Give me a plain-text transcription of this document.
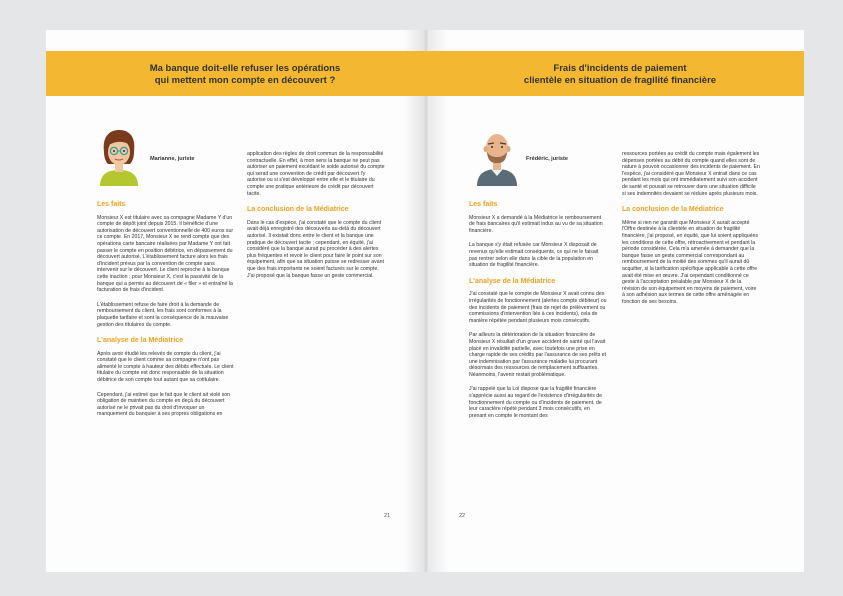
Ma banque doit-elle refuser les opérations
qui mettent mon compte en découvert ?
Frais d'incidents de paiement
clientèle en situation de fragilité financière
Marianne, juriste	Frédéric, juriste
Les faits

Monsieur X est titulaire avec sa compagne Madame Y d'un compte de dépôt joint depuis 2015. Il bénéficie d'une autorisation de découvert conventionnelle de 400 euros sur ce compte. En 2017, Monsieur X se rend compte que des opérations carte bancaire réalisées par Madame Y ont fait passer le compte en position débitrice, en dépassement du découvert autorisé. L'établissement facture alors les frais d'incident prévus par la convention de compte sans intervenir sur le découvert. Le client reproche à la banque cette inaction : pour Monsieur X, c'est la passivité de la banque qui a permis au découvert de « filer » et entraîné la facturation de frais d'incident.

L'établissement refuse de faire droit à la demande de remboursement du client, les frais sont conformes à la plaquette tarifaire et sont la conséquence de la mauvaise gestion des titulaires du compte.

L'analyse de la Médiatrice

Après avoir étudié les relevés de compte du client, j'ai constaté que le client comme sa compagne n'ont pas alimenté le compte à hauteur des débits effectués. Le client titulaire du compte est donc responsable de la situation débitrice de son compte tout autant que sa cotitulaire.

Cependant, j'ai estimé que le fait que le client ait violé son obligation de maintien du compte en deçà du découvert autorisé ne le privait pas du droit d'invoquer un manquement du banquier à ses propres obligations en

application des règles de droit commun de la responsabilité contractuelle. En effet, à mon sens la banque ne peut pas autoriser un paiement excédant le solde autorisé du compte qui serait une convention de crédit par découvert l'y autorise ou si s'est développé entre elle et le titulaire du compte une pratique antérieure de crédit par découvert tacite.

La conclusion de la Médiatrice

Dans le cas d'espèce, j'ai constaté que le compte du client avait déjà enregistré des découverts au-delà du découvert autorisé. Il existait donc entre le client et la banque une pratique de découvert tacite ; cependant, en équité, j'ai considéré que la banque aurait pu procéder à des alertes plus fréquentes et revoir le client pour faire le point sur son équipement, afin que sa situation puisse se redresser avant que des frais importants ne soient facturés sur le compte. J'ai proposé que la banque fasse un geste commercial.

21
Les faits

Monsieur X a demandé à la Médiatrice le remboursement de frais bancaires qu'il estimait indus au vu de sa situation financière.

La banque s'y était refusée car Monsieur X disposait de revenus qu'elle estimait conséquents, ce qui ne le faisait pas rentrer selon elle dans la cible de la population en situation de fragilité financière.

L'analyse de la Médiatrice

J'ai constaté que le compte de Monsieur X avait connu des irrégularités de fonctionnement (alertes compte débiteur) ou des incidents de paiement (frais de rejet de prélèvement ou commissions d'intervention liés à ces incidents), cela de manière répétée pendant plusieurs mois consécutifs.

Par ailleurs la détérioration de la situation financière de Monsieur X résultait d'un grave accident de santé qui l'avait placé en invalidité partielle, avec toutefois une prise en charge rapide de ses crédits par l'assurance de ses prêts et une indemnisation par l'assurance maladie lui procurant désormais des ressources de remplacement suffisantes. Néanmoins, l'avenir restait problématique.

J'ai rappelé que la Loi dispose que la fragilité financière s'apprécie aussi au regard de l'existence d'irrégularités de fonctionnement du compte ou d'incidents de paiement, de leur caractère répété pendant 3 mois consécutifs, en prenant en compte le montant des

ressources portées au crédit du compte mais également les dépenses portées au débit du compte quand elles sont de nature à pouvoir occasionner des incidents de paiement. En l'espèce, j'ai considéré que Monsieur X entrait dans ce cas pendant les mois qui ont immédiatement suivi son accident de santé et pouvait se retrouver dans une situation difficile si ses indemnités devaient se réduire après plusieurs mois.

La conclusion de la Médiatrice

Même si rien ne garantit que Monsieur X aurait accepté l'Offre destinée à la clientèle en situation de fragilité financière, j'ai proposé, en équité, que lui soient appliquées les conditions de cette offre, rétroactivement et pendant la période considérée. Cela m'a amenée à demander que la banque fasse un geste commercial correspondant au remboursement de la moitié des sommes qu'il aurait dû acquitter, si la tarification spécifique applicable à cette offre avait été mise en œuvre. J'ai cependant conditionné ce geste à l'acceptation préalable par Monsieur X de la révision de son équipement en moyens de paiement, voire à son adhésion aux termes de cette offre aménagée en fonction de ses besoins.

22
